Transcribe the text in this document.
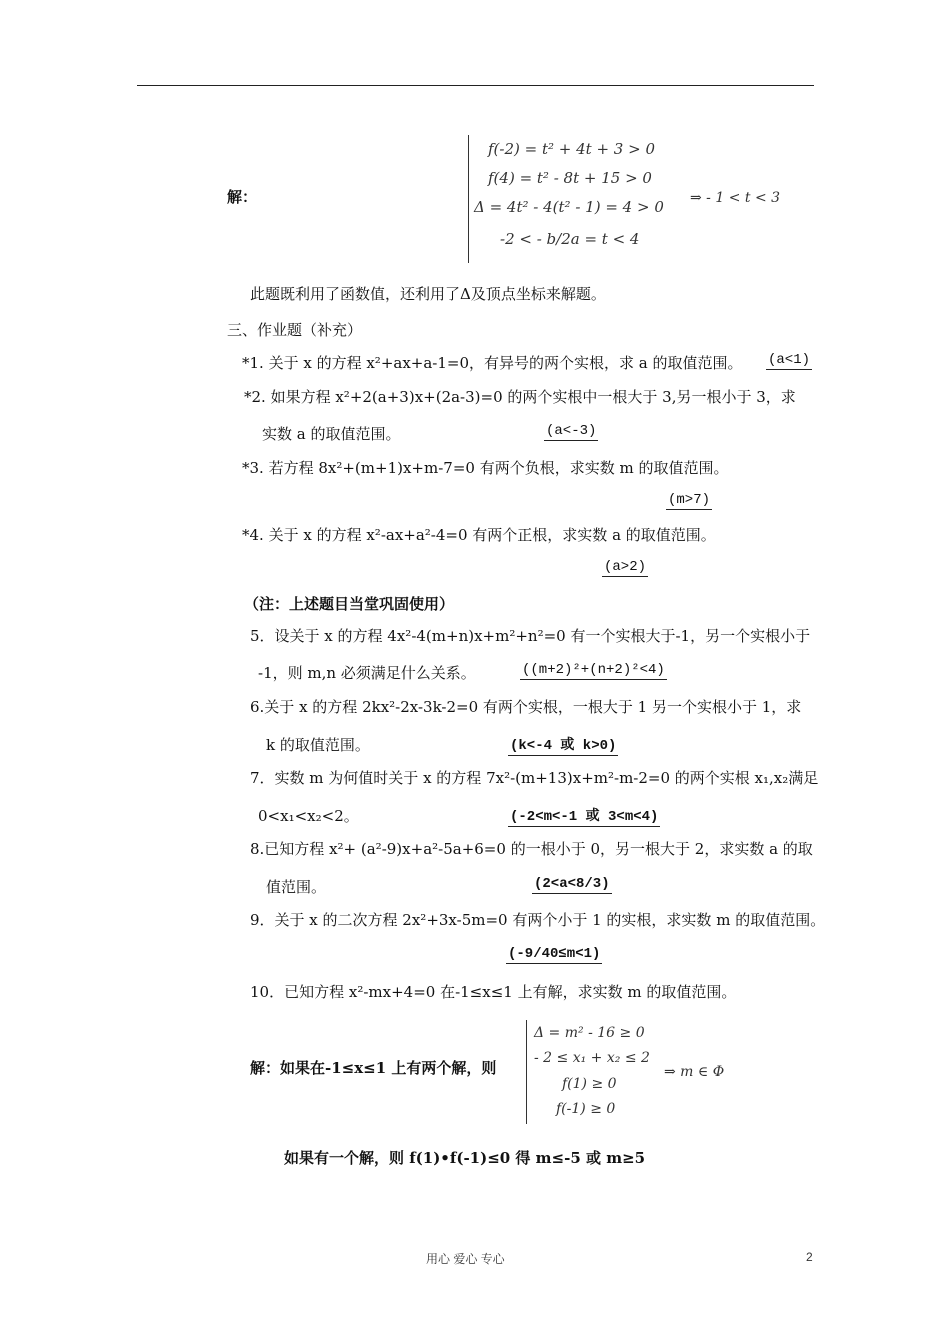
解：
f(-2) = t² + 4t + 3 > 0
f(4) = t² - 8t + 15 > 0
Δ = 4t² - 4(t² - 1) = 4 > 0
-2 < - b/2a = t < 4
⇒ - 1 < t < 3
此题既利用了函数值，还利用了Δ及顶点坐标来解题。
三、作业题（补充）
*1. 关于 x 的方程 x²+ax+a-1=0，有异号的两个实根，求 a 的取值范围。 (a<1)
*2. 如果方程 x²+2(a+3)x+(2a-3)=0 的两个实根中一根大于 3,另一根小于 3，求
实数 a 的取值范围。	(a<-3)
*3. 若方程 8x²+(m+1)x+m-7=0 有两个负根，求实数 m 的取值范围。
(m>7)
*4. 关于 x 的方程 x²-ax+a²-4=0 有两个正根，求实数 a 的取值范围。
(a>2)
（注：上述题目当堂巩固使用）
5．设关于 x 的方程 4x²-4(m+n)x+m²+n²=0 有一个实根大于-1，另一个实根小于
-1，则 m,n 必须满足什么关系。	((m+2)²+(n+2)²<4)
6.关于 x 的方程 2kx²-2x-3k-2=0 有两个实根，一根大于 1 另一个实根小于 1，求
k 的取值范围。	(k<-4 或 k>0)
7．实数 m 为何值时关于 x 的方程 7x²-(m+13)x+m²-m-2=0 的两个实根 x₁,x₂满足
0<x₁<x₂<2。	(-2<m<-1 或 3<m<4)
8.已知方程 x²+ (a²-9)x+a²-5a+6=0 的一根小于 0，另一根大于 2，求实数 a 的取
值范围。	(2<a<8/3)
9．关于 x 的二次方程 2x²+3x-5m=0 有两个小于 1 的实根，求实数 m 的取值范围。
(-9/40≤m<1)
10．已知方程 x²-mx+4=0 在-1≤x≤1 上有解，求实数 m 的取值范围。
解：如果在-1≤x≤1 上有两个解，则
Δ = m² - 16 ≥ 0
- 2 ≤ x₁ + x₂ ≤ 2
f(1) ≥ 0
f(-1) ≥ 0
⇒ m ∈ Φ
如果有一个解，则 f(1)•f(-1)≤0 得 m≤-5 或 m≥5
用心 爱心 专心	2
